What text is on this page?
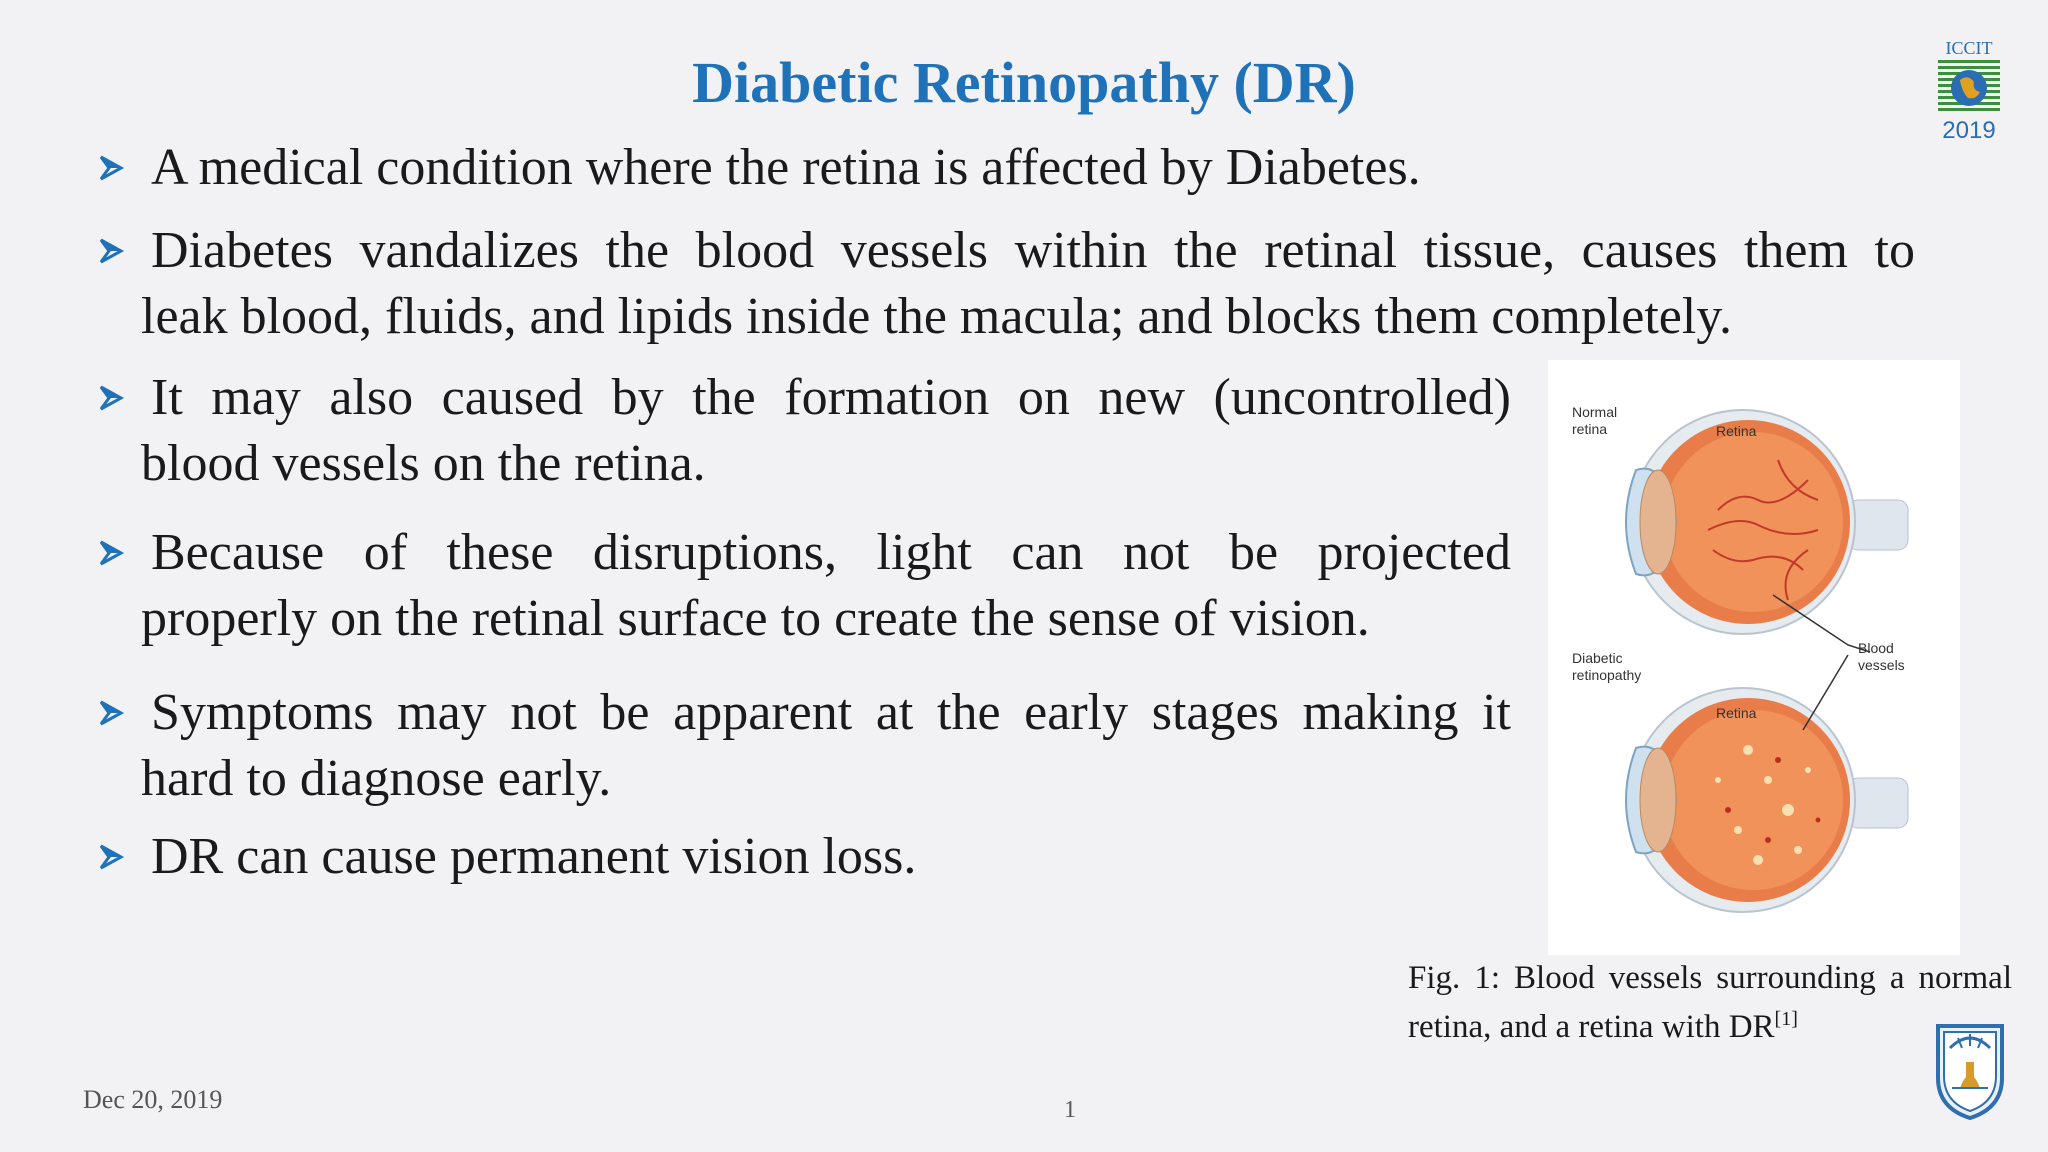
Diabetic Retinopathy (DR)
ICCIT
2019
A medical condition where the retina is affected by Diabetes.
Diabetes vandalizes the blood vessels within the retinal tissue, causes them to
leak blood, fluids, and lipids inside the macula; and blocks them completely.
It may also caused by the formation on new (uncontrolled)
blood vessels on the retina.
Because of these disruptions, light can not be projected
properly on the retinal surface to create the sense of vision.
Symptoms may not be apparent at the early stages making it
hard to diagnose early.
DR can cause permanent vision loss.
Normal
retina	Retina
Diabetic
retinopathy
Retina
Blood
vessels
Fig. 1: Blood vessels surrounding a normal retina, and a retina with DR[1]
Dec 20, 2019	1
